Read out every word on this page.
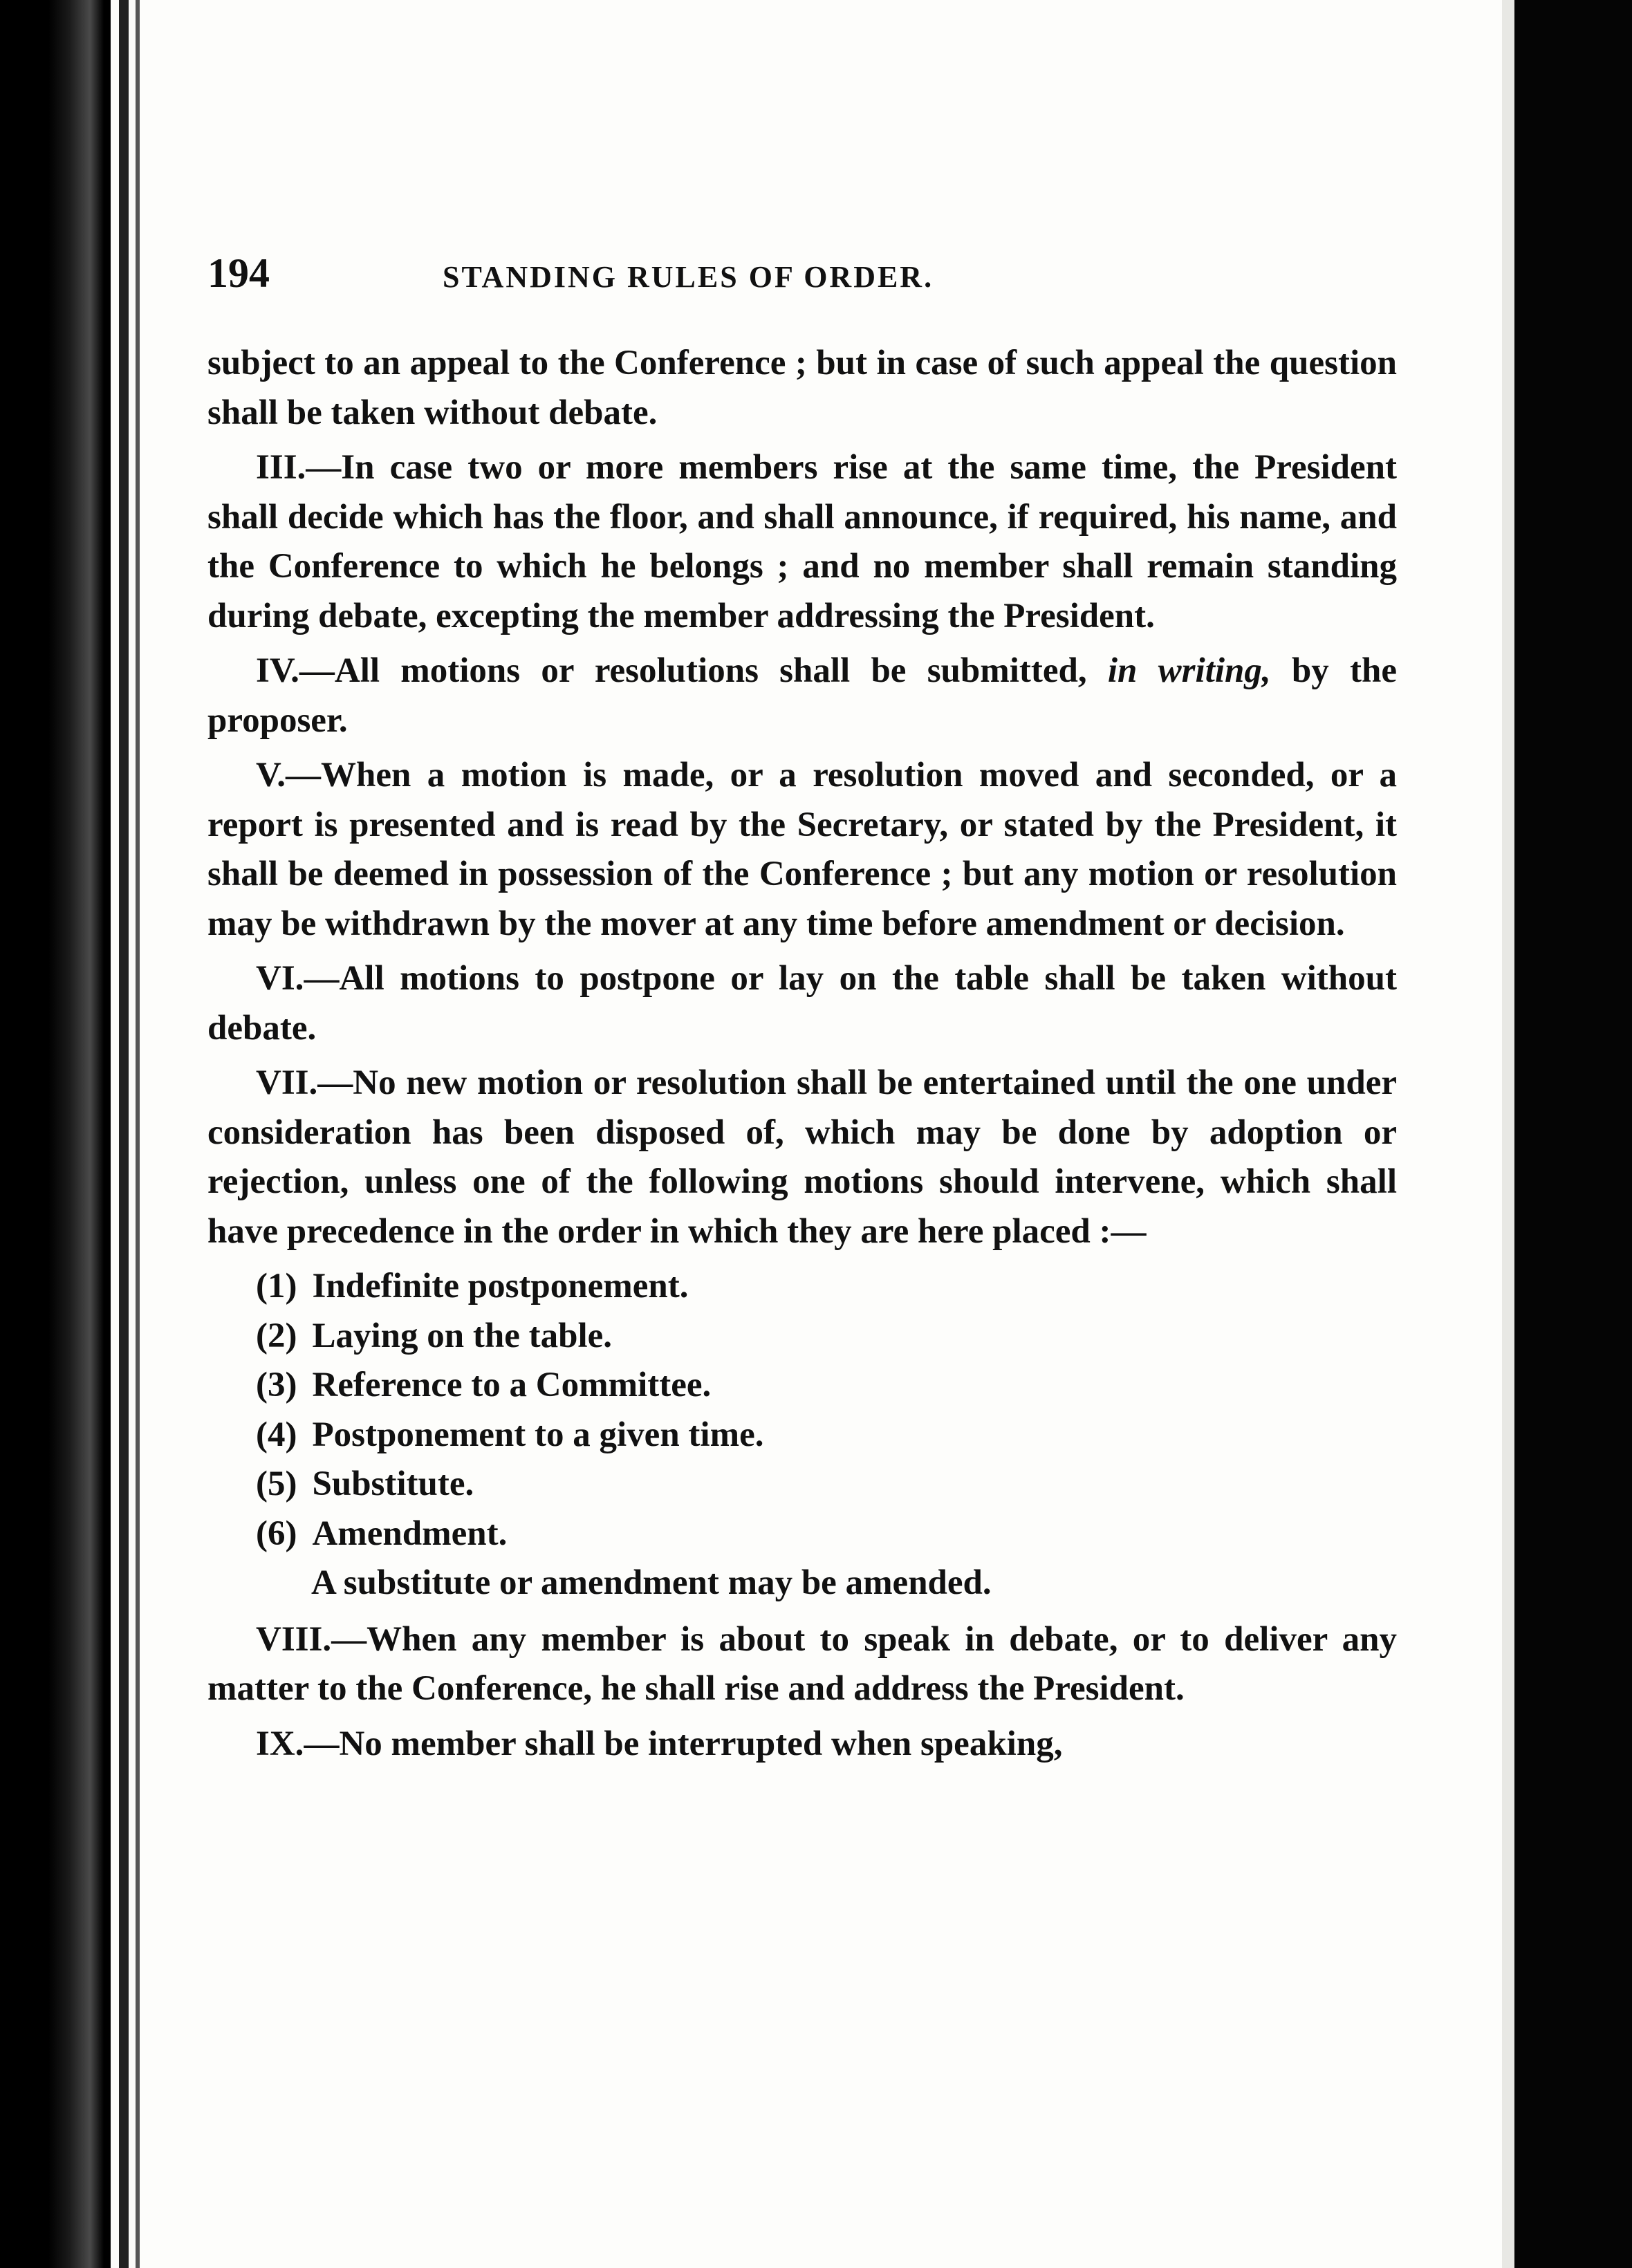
194	STANDING RULES OF ORDER.

subject to an appeal to the Conference ; but in case of such appeal the question shall be taken without debate.

III.—In case two or more members rise at the same time, the President shall decide which has the floor, and shall announce, if required, his name, and the Conference to which he belongs ; and no member shall remain standing during debate, excepting the member addressing the President.

IV.—All motions or resolutions shall be submitted, in writing, by the proposer.

V.—When a motion is made, or a resolution moved and seconded, or a report is presented and is read by the Secretary, or stated by the President, it shall be deemed in possession of the Conference ; but any motion or resolution may be withdrawn by the mover at any time before amendment or decision.

VI.—All motions to postpone or lay on the table shall be taken without debate.

VII.—No new motion or resolution shall be entertained until the one under consideration has been disposed of, which may be done by adoption or rejection, unless one of the following motions should intervene, which shall have precedence in the order in which they are here placed :—

(1) Indefinite postponement.

(2) Laying on the table.

(3) Reference to a Committee.

(4) Postponement to a given time.

(5) Substitute.

(6) Amendment.

A substitute or amendment may be amended.

VIII.—When any member is about to speak in debate, or to deliver any matter to the Conference, he shall rise and address the President.

IX.—No member shall be interrupted when speaking,
